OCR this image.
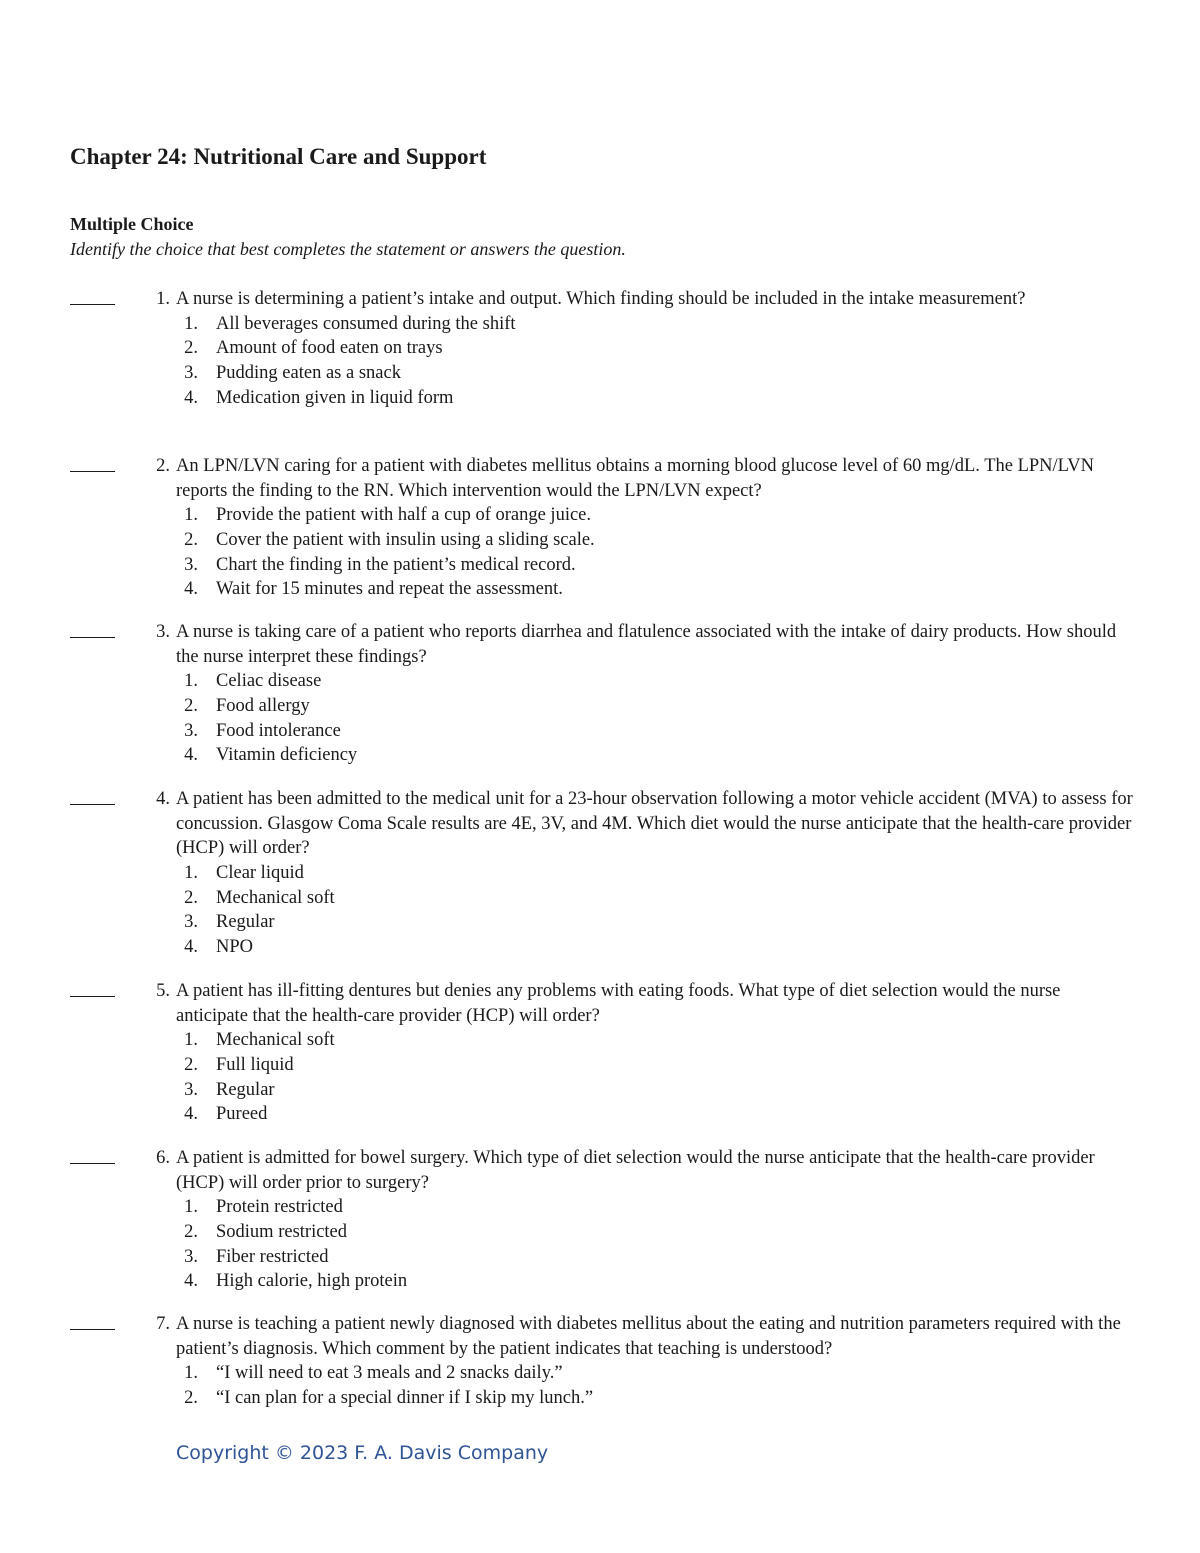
Chapter 24: Nutritional Care and Support
Multiple Choice
Identify the choice that best completes the statement or answers the question.
1. A nurse is determining a patient’s intake and output. Which finding should be included in the intake measurement?
1. All beverages consumed during the shift
2. Amount of food eaten on trays
3. Pudding eaten as a snack
4. Medication given in liquid form
2. An LPN/LVN caring for a patient with diabetes mellitus obtains a morning blood glucose level of 60 mg/dL. The LPN/LVN reports the finding to the RN. Which intervention would the LPN/LVN expect?
1. Provide the patient with half a cup of orange juice.
2. Cover the patient with insulin using a sliding scale.
3. Chart the finding in the patient’s medical record.
4. Wait for 15 minutes and repeat the assessment.
3. A nurse is taking care of a patient who reports diarrhea and flatulence associated with the intake of dairy products. How should the nurse interpret these findings?
1. Celiac disease
2. Food allergy
3. Food intolerance
4. Vitamin deficiency
4. A patient has been admitted to the medical unit for a 23-hour observation following a motor vehicle accident (MVA) to assess for concussion. Glasgow Coma Scale results are 4E, 3V, and 4M. Which diet would the nurse anticipate that the health-care provider (HCP) will order?
1. Clear liquid
2. Mechanical soft
3. Regular
4. NPO
5. A patient has ill-fitting dentures but denies any problems with eating foods. What type of diet selection would the nurse anticipate that the health-care provider (HCP) will order?
1. Mechanical soft
2. Full liquid
3. Regular
4. Pureed
6. A patient is admitted for bowel surgery. Which type of diet selection would the nurse anticipate that the health-care provider (HCP) will order prior to surgery?
1. Protein restricted
2. Sodium restricted
3. Fiber restricted
4. High calorie, high protein
7. A nurse is teaching a patient newly diagnosed with diabetes mellitus about the eating and nutrition parameters required with the patient’s diagnosis. Which comment by the patient indicates that teaching is understood?
1. “I will need to eat 3 meals and 2 snacks daily.”
2. “I can plan for a special dinner if I skip my lunch.”
Copyright © 2023 F. A. Davis Company
